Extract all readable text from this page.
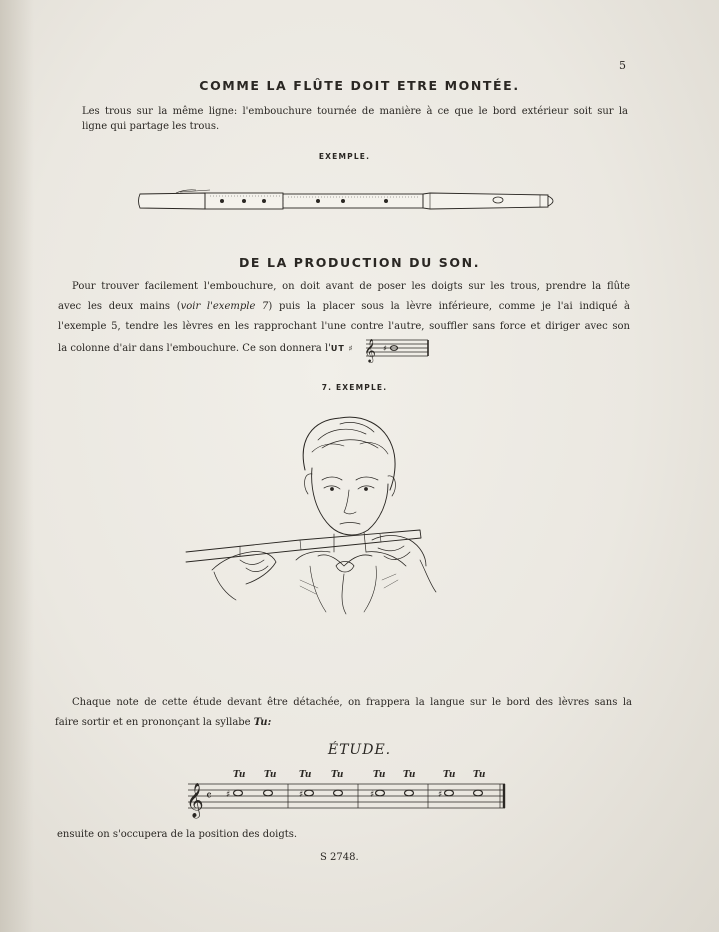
5
COMME LA FLÛTE DOIT ETRE MONTÉE.
Les trous sur la même ligne: l'embouchure tournée de manière à ce que le bord extérieur soit sur la
ligne qui partage les trous.
EXEMPLE.
DE LA PRODUCTION DU SON.
Pour trouver facilement l'embouchure, on doit avant de poser les doigts sur les trous, prendre la flûte
avec les deux mains (voir l'exemple 7) puis la placer sous la lèvre inférieure, comme je l'ai indiqué à
l'exemple 5, tendre les lèvres en les rapprochant l'une contre l'autre, souffler sans force et diriger avec son
la colonne d'air dans l'embouchure. Ce son donnera l'UT ♯ 𝄞 ♯
7. EXEMPLE.
Chaque note de cette étude devant être détachée, on frappera la langue sur le bord des lèvres sans la
faire sortir et en prononçant la syllabe Tu:
ÉTUDE.
Tu Tu	Tu Tu	Tu Tu	Tu Tu
𝄞 𝄴 ♯	♯	♯	♯
ensuite on s'occupera de la position des doigts.
S 2748.
